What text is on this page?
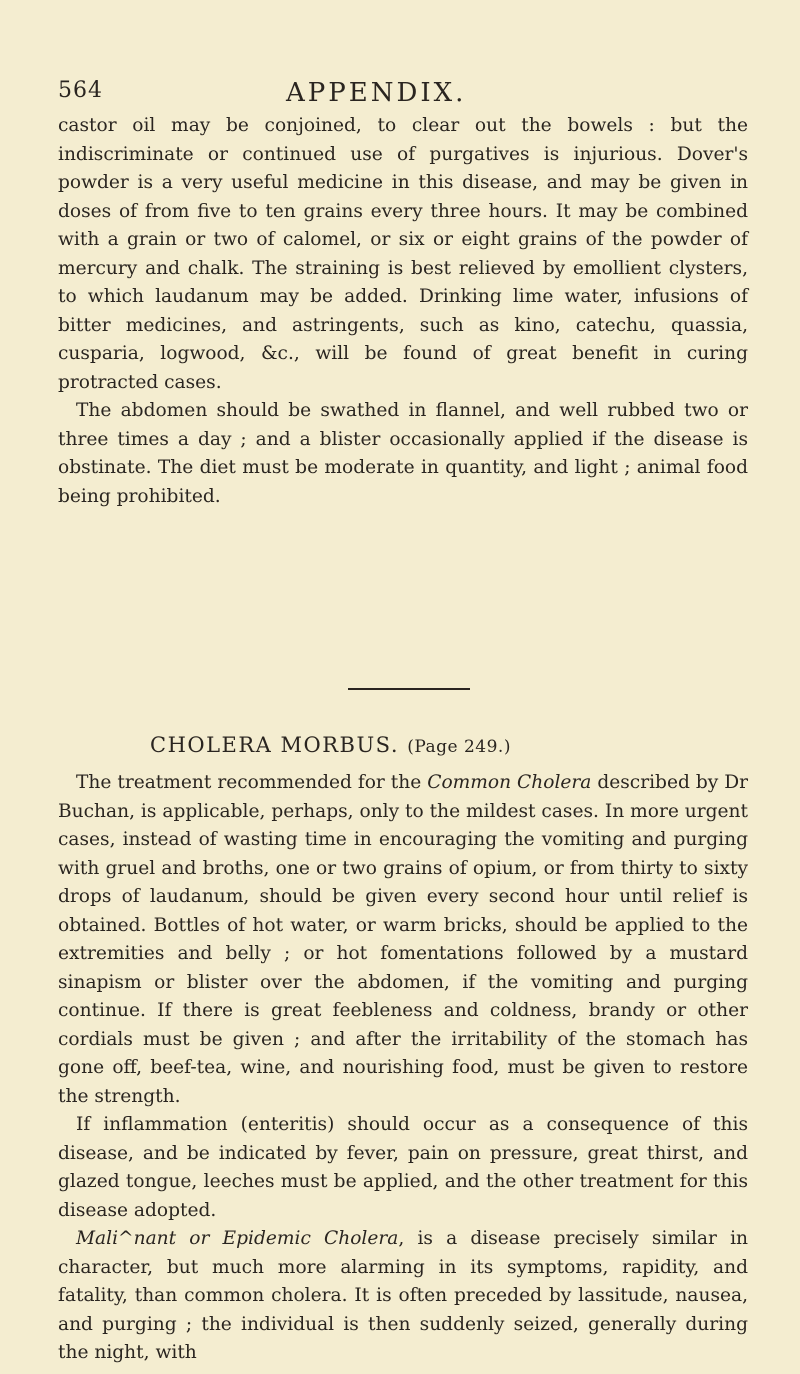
564	APPENDIX.

castor oil may be conjoined, to clear out the bowels : but the indiscriminate or continued use of purgatives is injurious. Dover's powder is a very useful medicine in this disease, and may be given in doses of from five to ten grains every three hours. It may be combined with a grain or two of calomel, or six or eight grains of the powder of mercury and chalk. The straining is best relieved by emollient clysters, to which laudanum may be added. Drinking lime water, infusions of bitter medicines, and astringents, such as kino, catechu, quassia, cusparia, logwood, &c., will be found of great benefit in curing protracted cases.

The abdomen should be swathed in flannel, and well rubbed two or three times a day ; and a blister occasionally applied if the disease is obstinate. The diet must be moderate in quantity, and light ; animal food being prohibited.

CHOLERA MORBUS. (Page 249.)

The treatment recommended for the Common Cholera described by Dr Buchan, is applicable, perhaps, only to the mildest cases. In more urgent cases, instead of wasting time in encouraging the vomiting and purging with gruel and broths, one or two grains of opium, or from thirty to sixty drops of laudanum, should be given every second hour until relief is obtained. Bottles of hot water, or warm bricks, should be applied to the extremities and belly ; or hot fomentations followed by a mustard sinapism or blister over the abdomen, if the vomiting and purging continue. If there is great feebleness and coldness, brandy or other cordials must be given ; and after the irritability of the stomach has gone off, beef-tea, wine, and nourishing food, must be given to restore the strength.

If inflammation (enteritis) should occur as a consequence of this disease, and be indicated by fever, pain on pressure, great thirst, and glazed tongue, leeches must be applied, and the other treatment for this disease adopted.

Mali^nant or Epidemic Cholera, is a disease precisely similar in character, but much more alarming in its symptoms, rapidity, and fatality, than common cholera. It is often preceded by lassitude, nausea, and purging ; the individual is then suddenly seized, generally during the night, with
